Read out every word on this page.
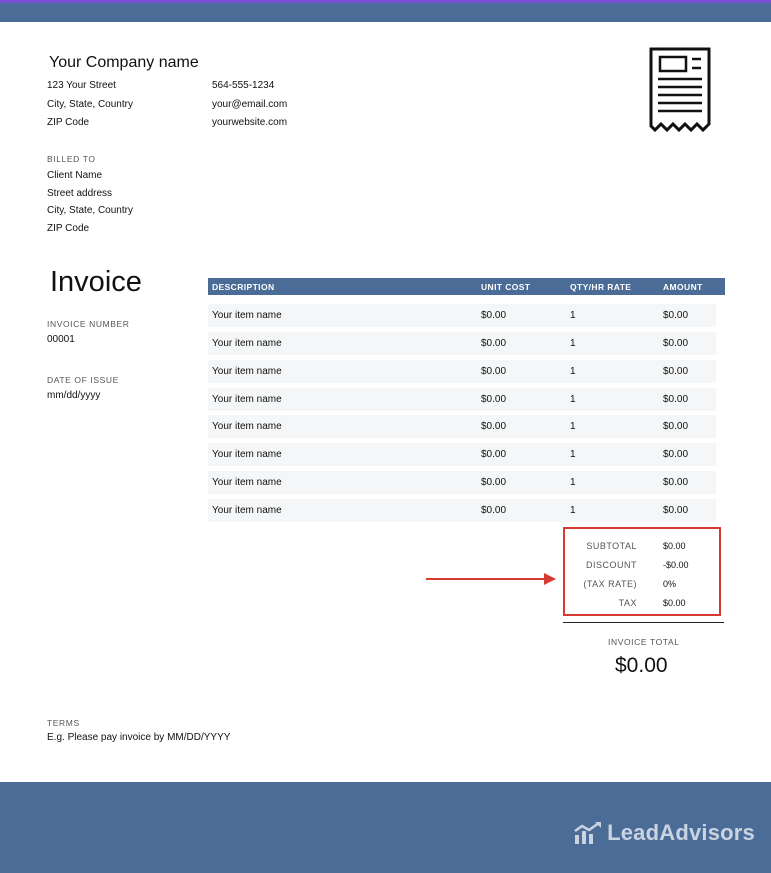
Your Company name
123 Your Street
City, State, Country
ZIP Code
564-555-1234
your@email.com
yourwebsite.com
BILLED TO
Client Name
Street address
City, State, Country
ZIP Code
Invoice
INVOICE NUMBER
00001
DATE OF ISSUE
mm/dd/yyyy
DESCRIPTION	UNIT COST	QTY/HR RATE	AMOUNT
Your item name	$0.00	1	$0.00
Your item name	$0.00	1	$0.00
Your item name	$0.00	1	$0.00
Your item name	$0.00	1	$0.00
Your item name	$0.00	1	$0.00
Your item name	$0.00	1	$0.00
Your item name	$0.00	1	$0.00
Your item name	$0.00	1	$0.00
SUBTOTAL	$0.00
DISCOUNT	-$0.00
(TAX RATE)	0%
TAX	$0.00
INVOICE TOTAL
$0.00
TERMS
E.g. Please pay invoice by MM/DD/YYYY
LeadAdvisors
